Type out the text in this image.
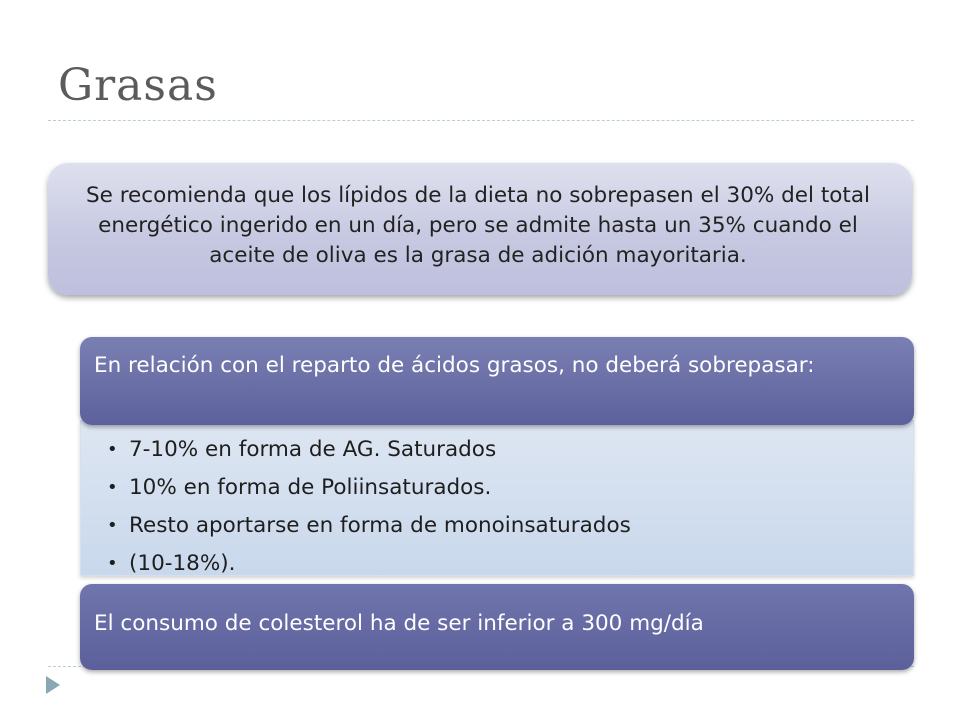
Grasas
Se recomienda que los lípidos de la dieta no sobrepasen el 30% del total energético ingerido en un día, pero se admite hasta un 35% cuando el aceite de oliva es la grasa de adición mayoritaria.
• 7-10% en forma de AG. Saturados
• 10% en forma de Poliinsaturados.
• Resto aportarse en forma de monoinsaturados
• (10-18%).
En relación con el reparto de ácidos grasos, no deberá sobrepasar:
El consumo de colesterol ha de ser inferior a 300 mg/día
